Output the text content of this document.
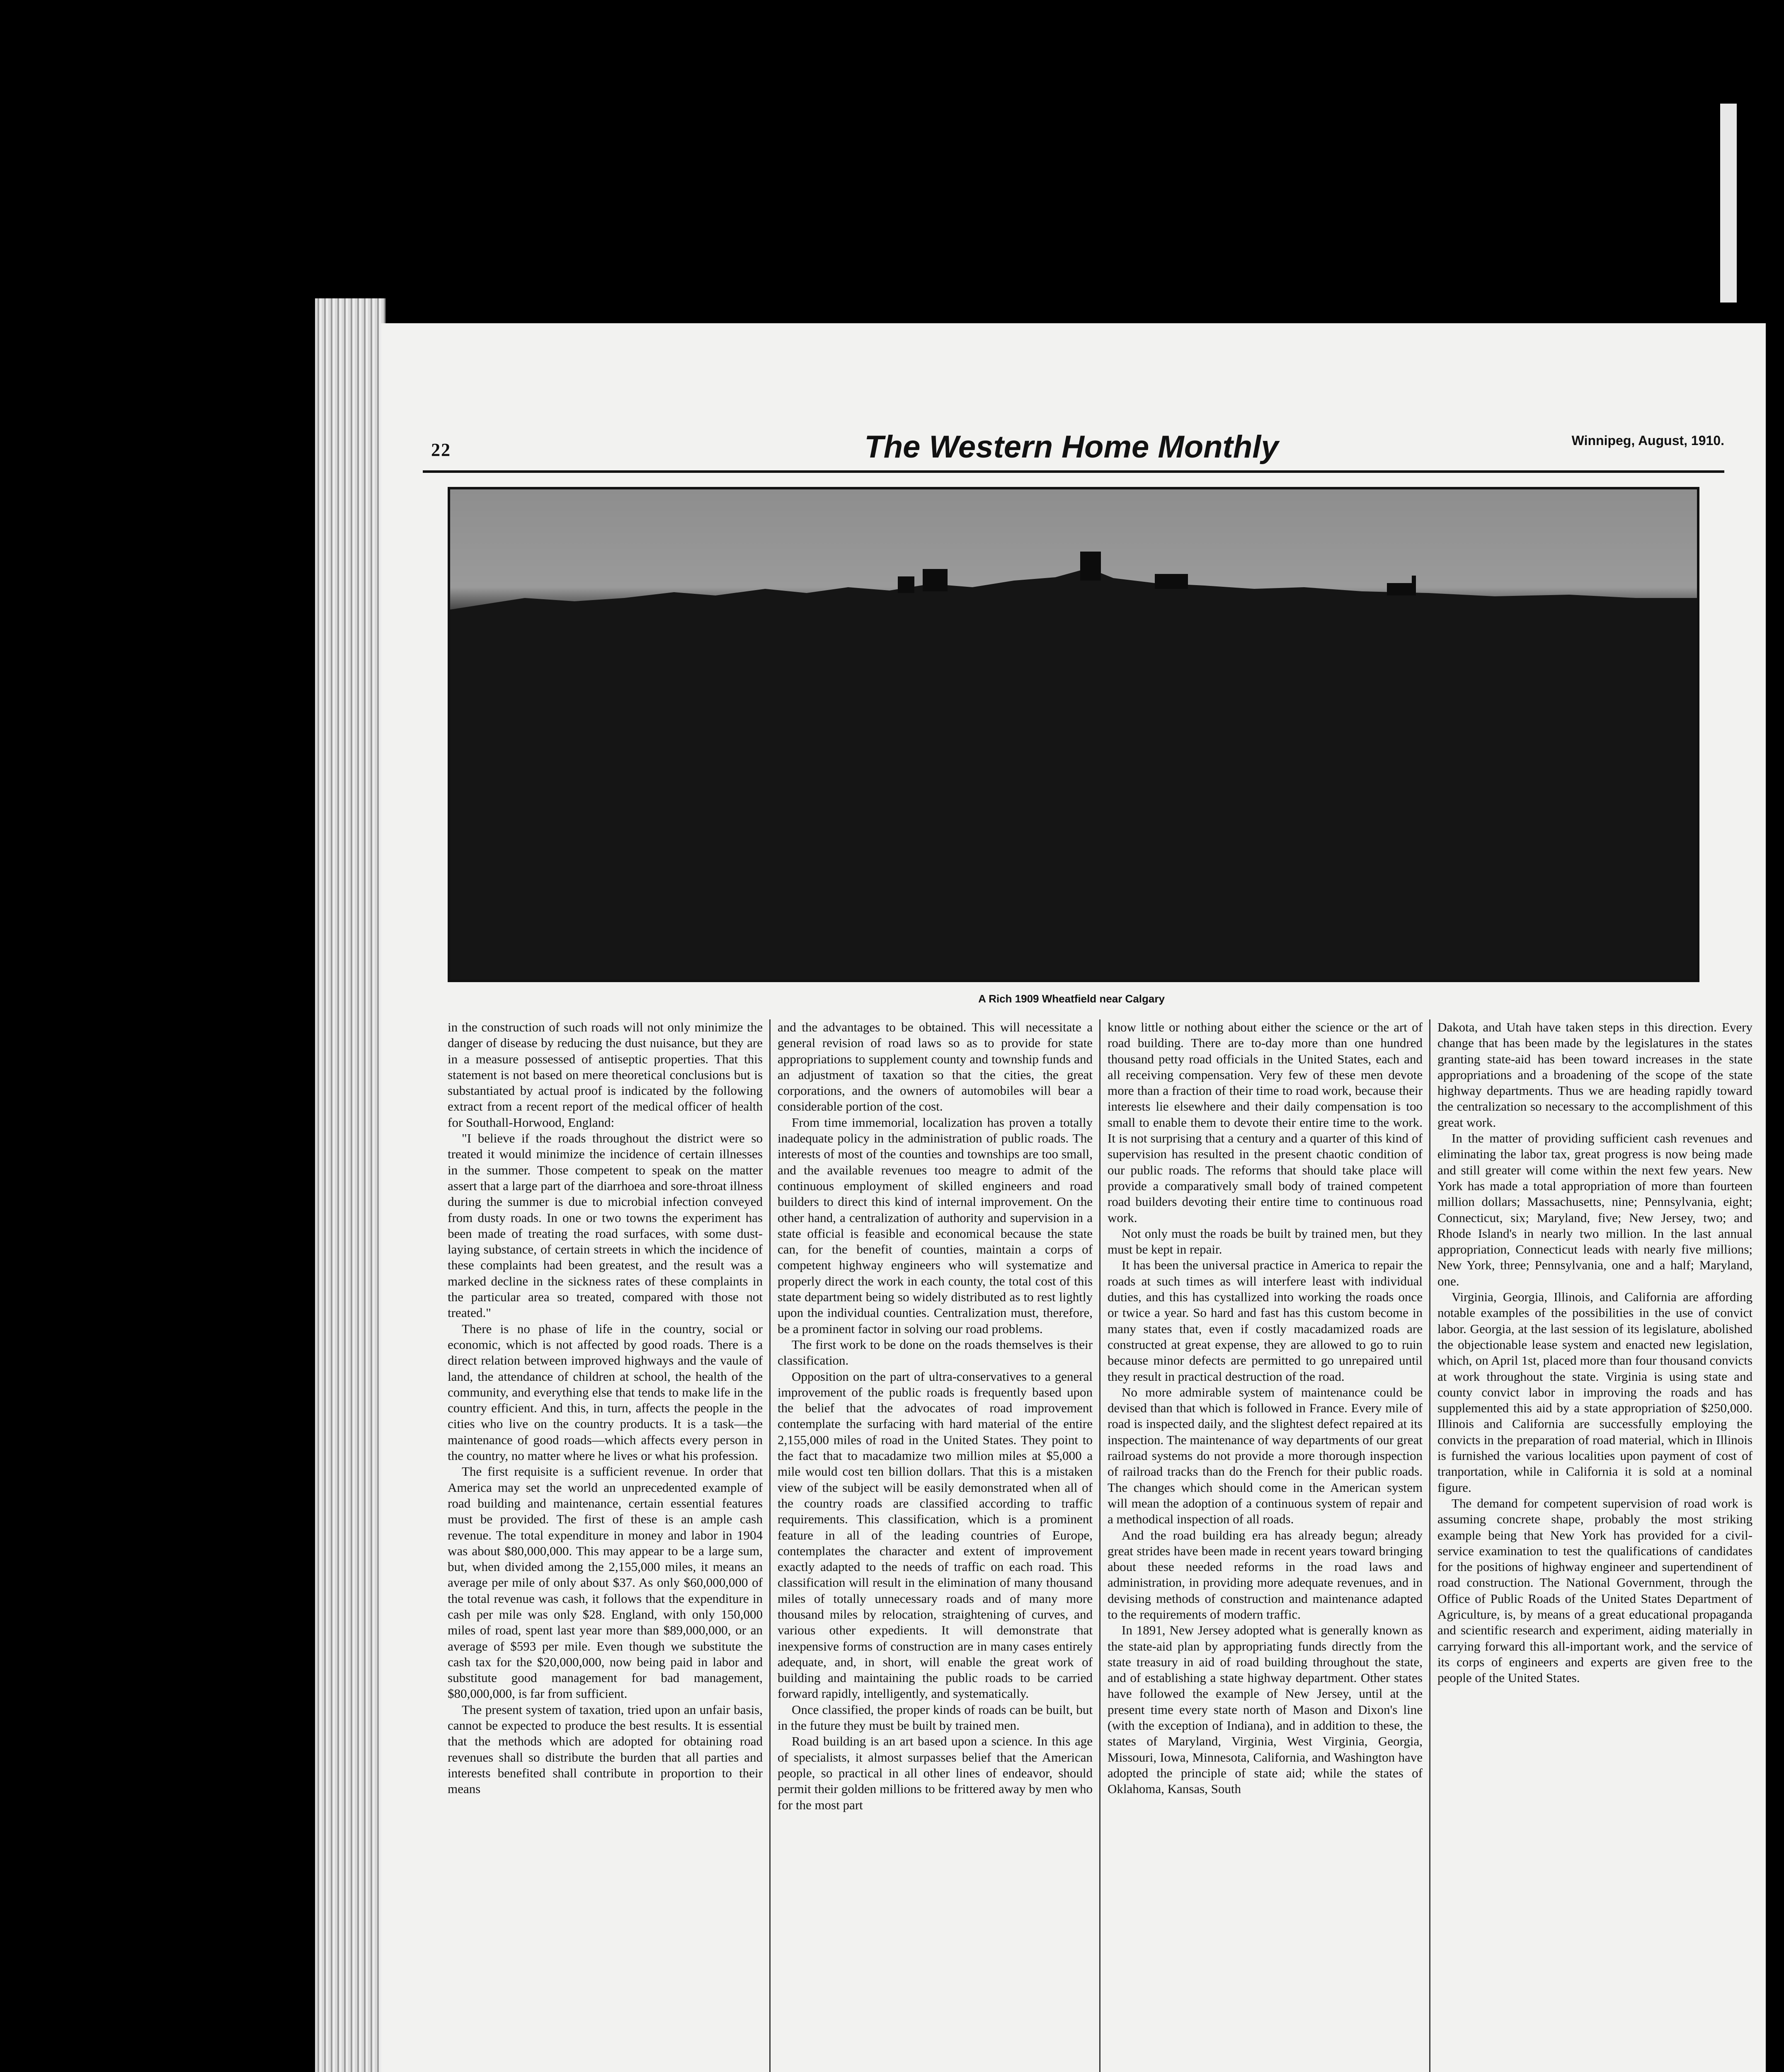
22	The Western Home Monthly	Winnipeg, August, 1910.
A Rich 1909 Wheatfield near Calgary

in the construction of such roads will not only minimize the danger of disease by reducing the dust nuisance, but they are in a measure possessed of antiseptic properties. That this statement is not based on mere theoretical conclusions but is substantiated by actual proof is indicated by the following extract from a recent report of the medical officer of health for Southall-Horwood, England:

"I believe if the roads throughout the district were so treated it would minimize the incidence of certain illnesses in the summer. Those competent to speak on the matter assert that a large part of the diarrhoea and sore-throat illness during the summer is due to microbial infection conveyed from dusty roads. In one or two towns the experiment has been made of treating the road surfaces, with some dust-laying substance, of certain streets in which the incidence of these complaints had been greatest, and the result was a marked decline in the sickness rates of these complaints in the particular area so treated, compared with those not treated."

There is no phase of life in the country, social or economic, which is not affected by good roads. There is a direct relation between improved highways and the vaule of land, the attendance of children at school, the health of the community, and everything else that tends to make life in the country efficient. And this, in turn, affects the people in the cities who live on the country products. It is a task—the maintenance of good roads—which affects every person in the country, no matter where he lives or what his profession.

The first requisite is a sufficient revenue. In order that America may set the world an unprecedented example of road building and maintenance, certain essential features must be provided. The first of these is an ample cash revenue. The total expenditure in money and labor in 1904 was about $80,000,000. This may appear to be a large sum, but, when divided among the 2,155,000 miles, it means an average per mile of only about $37. As only $60,000,000 of the total revenue was cash, it follows that the expenditure in cash per mile was only $28. England, with only 150,000 miles of road, spent last year more than $89,000,000, or an average of $593 per mile. Even though we substitute the cash tax for the $20,000,000, now being paid in labor and substitute good management for bad management, $80,000,000, is far from sufficient.

The present system of taxation, tried upon an unfair basis, cannot be expected to produce the best results. It is essential that the methods which are adopted for obtaining road revenues shall so distribute the burden that all parties and interests benefited shall contribute in proportion to their means

and the advantages to be obtained. This will necessitate a general revision of road laws so as to provide for state appropriations to supplement county and township funds and an adjustment of taxation so that the cities, the great corporations, and the owners of automobiles will bear a considerable portion of the cost.

From time immemorial, localization has proven a totally inadequate policy in the administration of public roads. The interests of most of the counties and townships are too small, and the available revenues too meagre to admit of the continuous employment of skilled engineers and road builders to direct this kind of internal improvement. On the other hand, a centralization of authority and supervision in a state official is feasible and economical because the state can, for the benefit of counties, maintain a corps of competent highway engineers who will systematize and properly direct the work in each county, the total cost of this state department being so widely distributed as to rest lightly upon the individual counties. Centralization must, therefore, be a prominent factor in solving our road problems.

The first work to be done on the roads themselves is their classification.

Opposition on the part of ultra-conservatives to a general improvement of the public roads is frequently based upon the belief that the advocates of road improvement contemplate the surfacing with hard material of the entire 2,155,000 miles of road in the United States. They point to the fact that to macadamize two million miles at $5,000 a mile would cost ten billion dollars. That this is a mistaken view of the subject will be easily demonstrated when all of the country roads are classified according to traffic requirements. This classification, which is a prominent feature in all of the leading countries of Europe, contemplates the character and extent of improvement exactly adapted to the needs of traffic on each road. This classification will result in the elimination of many thousand miles of totally unnecessary roads and of many more thousand miles by relocation, straightening of curves, and various other expedients. It will demonstrate that inexpensive forms of construction are in many cases entirely adequate, and, in short, will enable the great work of building and maintaining the public roads to be carried forward rapidly, intelligently, and systematically.

Once classified, the proper kinds of roads can be built, but in the future they must be built by trained men.

Road building is an art based upon a science. In this age of specialists, it almost surpasses belief that the American people, so practical in all other lines of endeavor, should permit their golden millions to be frittered away by men who for the most part

know little or nothing about either the science or the art of road building. There are to-day more than one hundred thousand petty road officials in the United States, each and all receiving compensation. Very few of these men devote more than a fraction of their time to road work, because their interests lie elsewhere and their daily compensation is too small to enable them to devote their entire time to the work. It is not surprising that a century and a quarter of this kind of supervision has resulted in the present chaotic condition of our public roads. The reforms that should take place will provide a comparatively small body of trained competent road builders devoting their entire time to continuous road work.

Not only must the roads be built by trained men, but they must be kept in repair.

It has been the universal practice in America to repair the roads at such times as will interfere least with individual duties, and this has cystallized into working the roads once or twice a year. So hard and fast has this custom become in many states that, even if costly macadamized roads are constructed at great expense, they are allowed to go to ruin because minor defects are permitted to go unrepaired until they result in practical destruction of the road.

No more admirable system of maintenance could be devised than that which is followed in France. Every mile of road is inspected daily, and the slightest defect repaired at its inspection. The maintenance of way departments of our great railroad systems do not provide a more thorough inspection of railroad tracks than do the French for their public roads. The changes which should come in the American system will mean the adoption of a continuous system of repair and a methodical inspection of all roads.

And the road building era has already begun; already great strides have been made in recent years toward bringing about these needed reforms in the road laws and administration, in providing more adequate revenues, and in devising methods of construction and maintenance adapted to the requirements of modern traffic.

In 1891, New Jersey adopted what is generally known as the state-aid plan by appropriating funds directly from the state treasury in aid of road building throughout the state, and of establishing a state highway department. Other states have followed the example of New Jersey, until at the present time every state north of Mason and Dixon's line (with the exception of Indiana), and in addition to these, the states of Maryland, Virginia, West Virginia, Georgia, Missouri, Iowa, Minnesota, California, and Washington have adopted the principle of state aid; while the states of Oklahoma, Kansas, South

Dakota, and Utah have taken steps in this direction. Every change that has been made by the legislatures in the states granting state-aid has been toward increases in the state appropriations and a broadening of the scope of the state highway departments. Thus we are heading rapidly toward the centralization so necessary to the accomplishment of this great work.

In the matter of providing sufficient cash revenues and eliminating the labor tax, great progress is now being made and still greater will come within the next few years. New York has made a total appropriation of more than fourteen million dollars; Massachusetts, nine; Pennsylvania, eight; Connecticut, six; Maryland, five; New Jersey, two; and Rhode Island's in nearly two million. In the last annual appropriation, Connecticut leads with nearly five millions; New York, three; Pennsylvania, one and a half; Maryland, one.

Virginia, Georgia, Illinois, and California are affording notable examples of the possibilities in the use of convict labor. Georgia, at the last session of its legislature, abolished the objectionable lease system and enacted new legislation, which, on April 1st, placed more than four thousand convicts at work throughout the state. Virginia is using state and county convict labor in improving the roads and has supplemented this aid by a state appropriation of $250,000. Illinois and California are successfully employing the convicts in the preparation of road material, which in Illinois is furnished the various localities upon payment of cost of tranportation, while in California it is sold at a nominal figure.

The demand for competent supervision of road work is assuming concrete shape, probably the most striking example being that New York has provided for a civil-service examination to test the qualifications of candidates for the positions of highway engineer and supertendinent of road construction. The National Government, through the Office of Public Roads of the United States Department of Agriculture, is, by means of a great educational propaganda and scientific research and experiment, aiding materially in carrying forward this all-important work, and the service of its corps of engineers and experts are given free to the people of the United States.
